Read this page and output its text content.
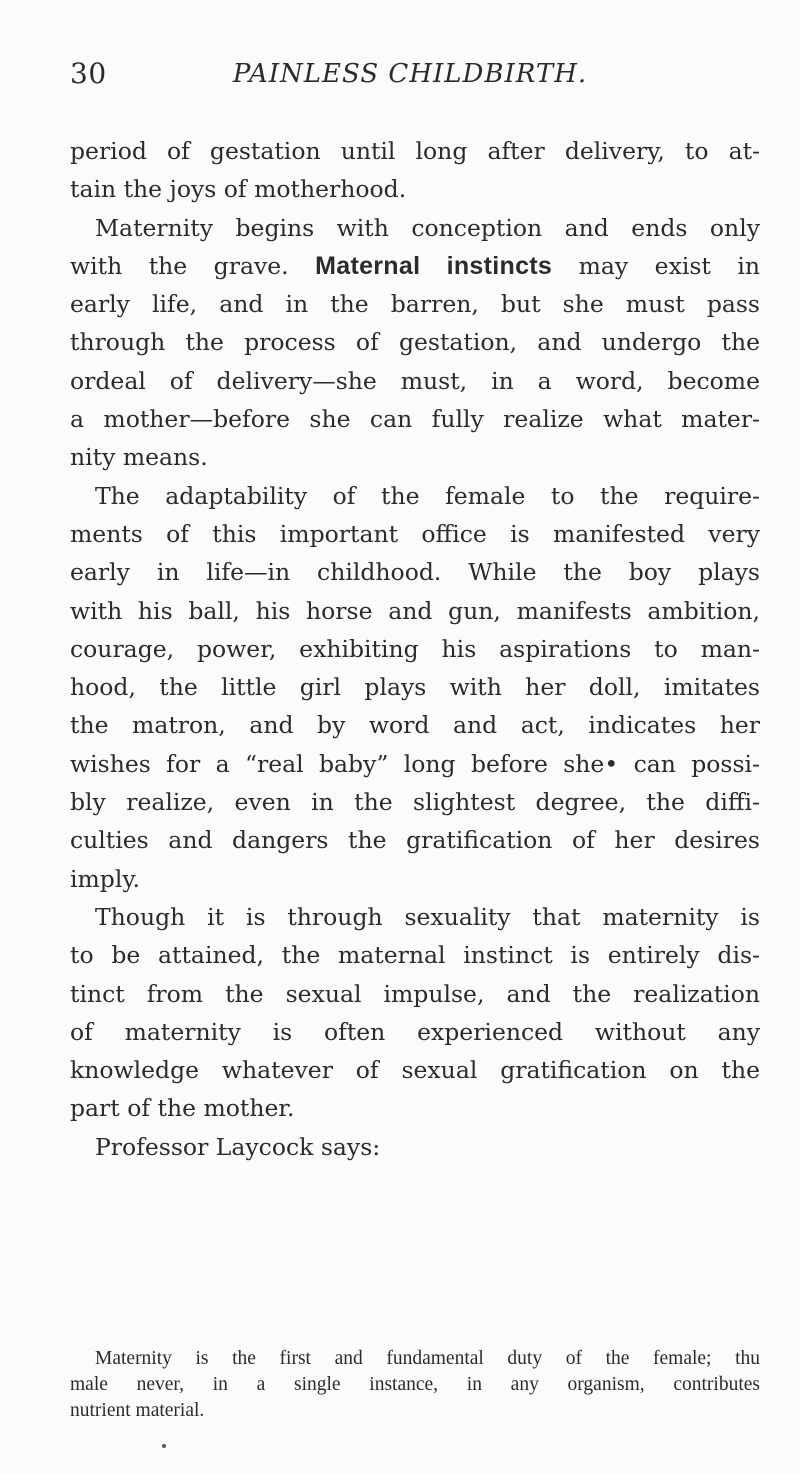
30	PAINLESS CHILDBIRTH.
period of gestation until long after delivery, to at-
tain the joys of motherhood.
Maternity begins with conception and ends only
with the grave. Maternal instincts may exist in
early life, and in the barren, but she must pass
through the process of gestation, and undergo the
ordeal of delivery—she must, in a word, become
a mother—before she can fully realize what mater-
nity means.
The adaptability of the female to the require-
ments of this important office is manifested very
early in life—in childhood. While the boy plays
with his ball, his horse and gun, manifests ambition,
courage, power, exhibiting his aspirations to man-
hood, the little girl plays with her doll, imitates
the matron, and by word and act, indicates her
wishes for a “real baby” long before she• can possi-
bly realize, even in the slightest degree, the diffi-
culties and dangers the gratification of her desires
imply.
Though it is through sexuality that maternity is
to be attained, the maternal instinct is entirely dis-
tinct from the sexual impulse, and the realization
of maternity is often experienced without any
knowledge whatever of sexual gratification on the
part of the mother.
Professor Laycock says:
Maternity is the first and fundamental duty of the female; thu
male never, in a single instance, in any organism, contributes
nutrient material.
